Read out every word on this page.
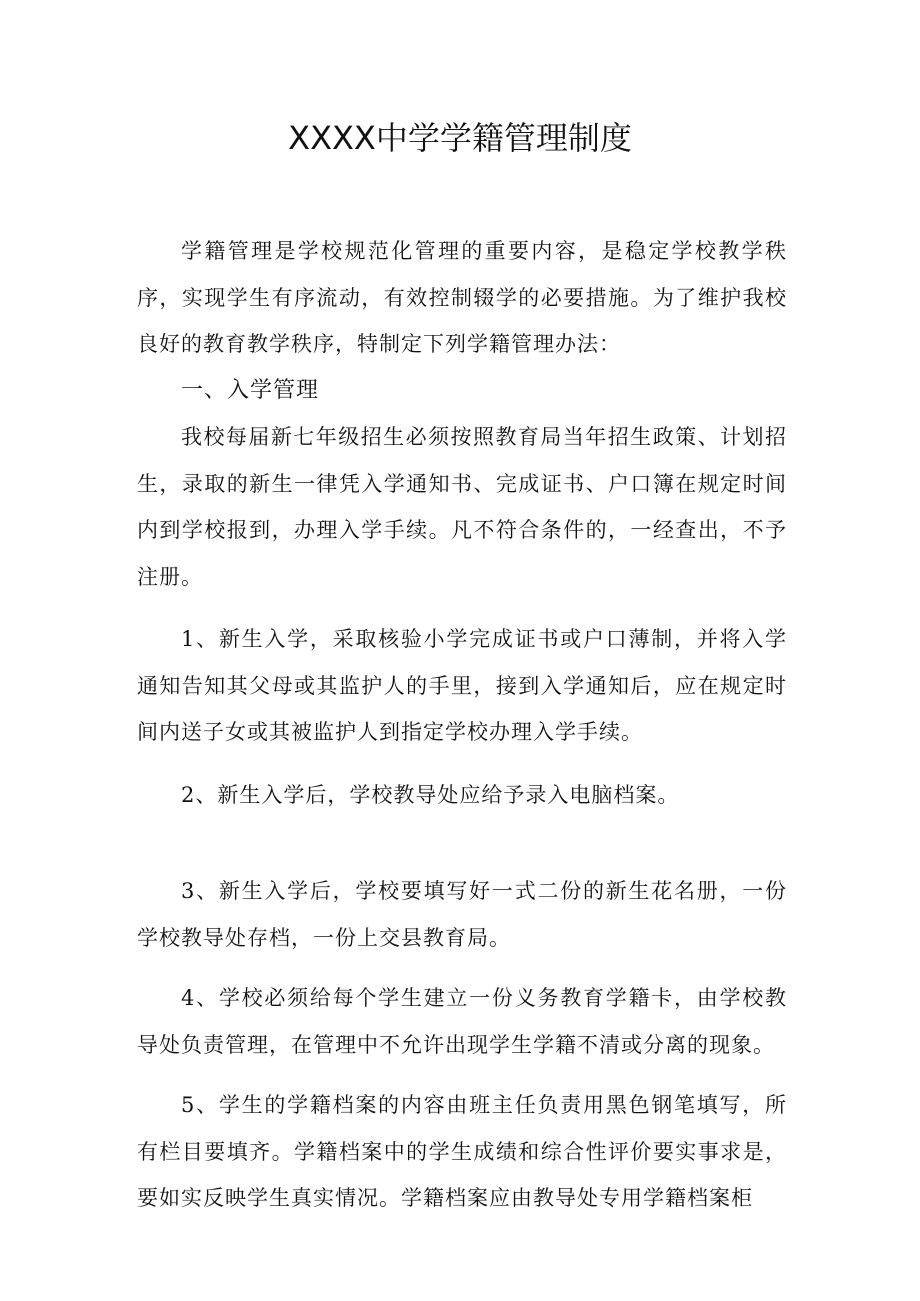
XXXX中学学籍管理制度

学籍管理是学校规范化管理的重要内容，是稳定学校教学秩序，实现学生有序流动，有效控制辍学的必要措施。为了维护我校良好的教育教学秩序，特制定下列学籍管理办法：

一、入学管理

我校每届新七年级招生必须按照教育局当年招生政策、计划招生，录取的新生一律凭入学通知书、完成证书、户口簿在规定时间内到学校报到，办理入学手续。凡不符合条件的，一经查出，不予注册。

1、新生入学，采取核验小学完成证书或户口薄制，并将入学通知告知其父母或其监护人的手里，接到入学通知后，应在规定时间内送子女或其被监护人到指定学校办理入学手续。

2、新生入学后，学校教导处应给予录入电脑档案。

3、新生入学后，学校要填写好一式二份的新生花名册，一份学校教导处存档，一份上交县教育局。

4、学校必须给每个学生建立一份义务教育学籍卡，由学校教导处负责管理，在管理中不允许出现学生学籍不清或分离的现象。

5、学生的学籍档案的内容由班主任负责用黑色钢笔填写，所有栏目要填齐。学籍档案中的学生成绩和综合性评价要实事求是，要如实反映学生真实情况。学籍档案应由教导处专用学籍档案柜
